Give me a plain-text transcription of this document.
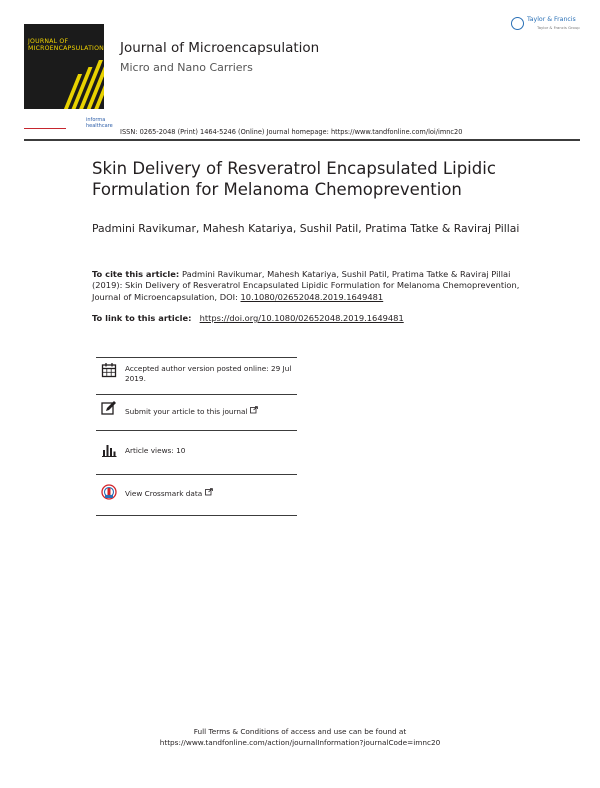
JOURNAL OF
MICROENCAPSULATION
informa
healthcare
Journal of Microencapsulation
Micro and Nano Carriers
Taylor & Francis
Taylor & Francis Group
ISSN: 0265-2048 (Print) 1464-5246 (Online) Journal homepage: https://www.tandfonline.com/loi/imnc20
Skin Delivery of Resveratrol Encapsulated Lipidic Formulation for Melanoma Chemoprevention
Padmini Ravikumar, Mahesh Katariya, Sushil Patil, Pratima Tatke & Raviraj Pillai
To cite this article: Padmini Ravikumar, Mahesh Katariya, Sushil Patil, Pratima Tatke & Raviraj Pillai (2019): Skin Delivery of Resveratrol Encapsulated Lipidic Formulation for Melanoma Chemoprevention, Journal of Microencapsulation, DOI: 10.1080/02652048.2019.1649481
To link to this article:   https://doi.org/10.1080/02652048.2019.1649481
Accepted author version posted online: 29 Jul 2019.
Submit your article to this journal
Article views: 10
View Crossmark data
Full Terms & Conditions of access and use can be found at
https://www.tandfonline.com/action/journalInformation?journalCode=imnc20
